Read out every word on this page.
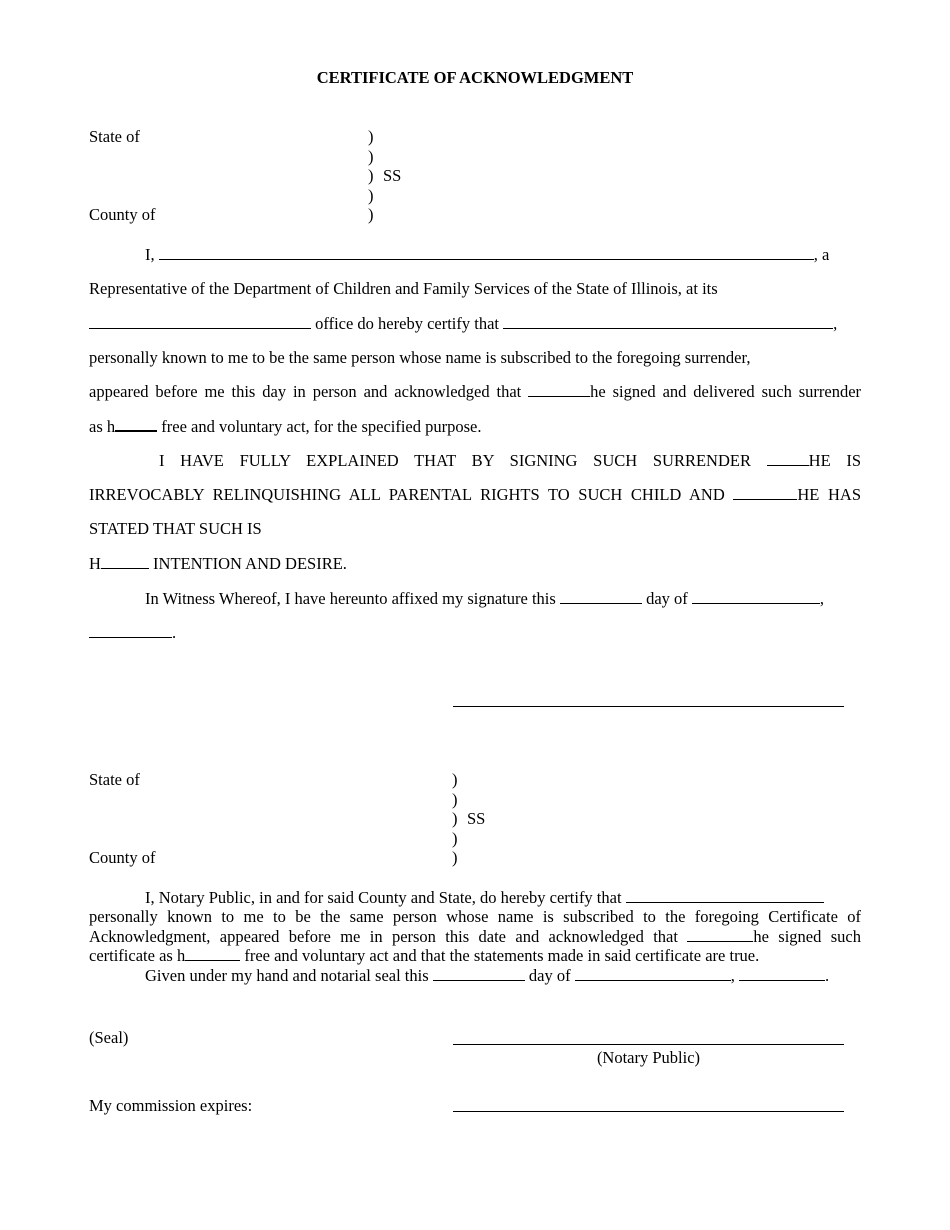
CERTIFICATE OF ACKNOWLEDGMENT
State of	)
)
) SS
)
County of	)
I,	, a
Representative of the Department of Children and Family Services of the State of Illinois, at its
office do hereby certify that	,
personally known to me to be the same person whose name is subscribed to the foregoing surrender,
appeared before me this day in person and acknowledged that	he signed and delivered such surrender
as h	free and voluntary act, for the specified purpose.
I HAVE FULLY EXPLAINED THAT BY SIGNING SUCH SURRENDER	HE IS
IRREVOCABLY RELINQUISHING ALL PARENTAL RIGHTS TO SUCH CHILD AND	HE HAS
STATED THAT SUCH IS
H	INTENTION AND DESIRE.
In Witness Whereof, I have hereunto affixed my signature this	day of	,
.
State of	)
)
) SS
)
County of	)
I, Notary Public, in and for said County and State, do hereby certify that
personally known to me to be the same person whose name is subscribed to the foregoing Certificate of
Acknowledgment, appeared before me in person this date and acknowledged that	he signed such
certificate as h	free and voluntary act and that the statements made in said certificate are true.
Given under my hand and notarial seal this	day of	,	.
(Seal)
(Notary Public)
My commission expires:
